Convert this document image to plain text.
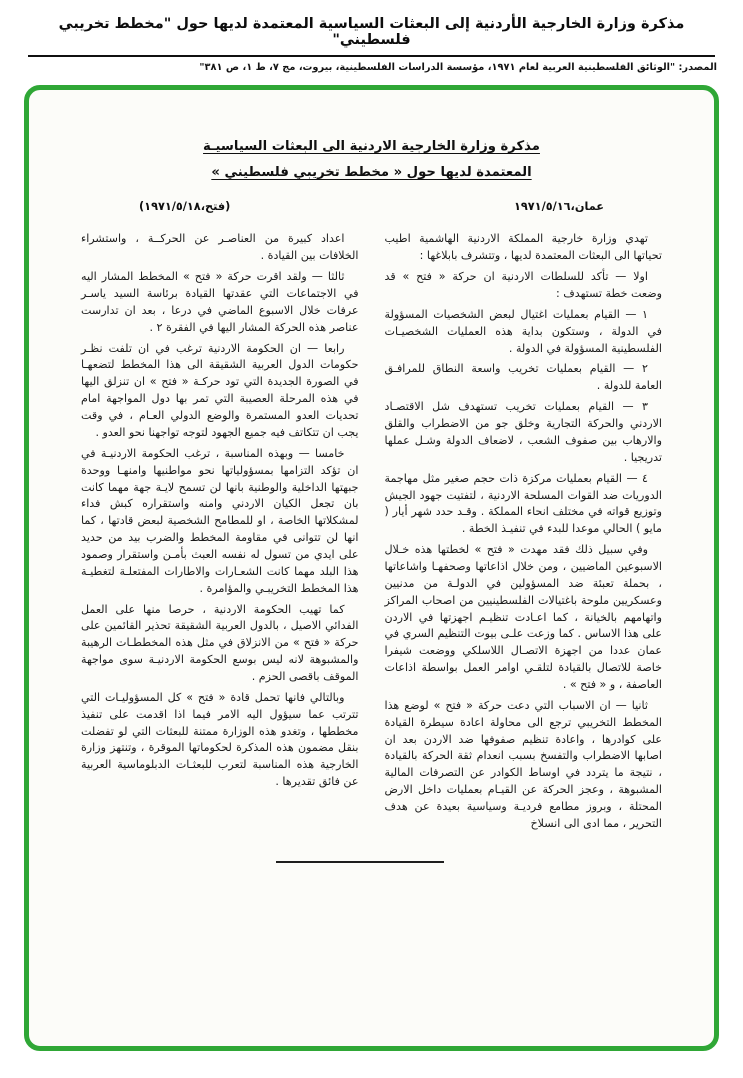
مذكرة وزارة الخارجية الأردنية إلى البعثات السياسية المعتمدة لديها حول "مخطط تخريبي فلسطيني"
المصدر: "الوثائق الفلسطينية العربية لعام ١٩٧١، مؤسسة الدراسات الفلسطينية، بيروت، مج ٧، ط ١، ص ٣٨١"
مذكرة وزارة الخارجية الاردنية الى البعثات السياسيـة
المعتمدة لديها حول « مخطط تخريبي فلسطيني »
عمان،١٩٧١/٥/١٦
(فتح،١٩٧١/٥/١٨)

تهدي وزارة خارجية المملكة الاردنية الهاشمية اطيب تحياتها الى البعثات المعتمدة لديها ، وتتشرف بابلاغها :

اولا — تأكد للسلطات الاردنية ان حركة « فتح » قد وضعت خطة تستهدف :

١ — القيام بعمليات اغتيال لبعض الشخصيات المسؤولة في الدولة ، وستكون بداية هذه العمليات الشخصيـات الفلسطينية المسؤولة في الدولة .

٢ — القيام بعمليات تخريب واسعة النطاق للمرافـق العامة للدولة .

٣ — القيام بعمليات تخريب تستهدف شل الاقتصـاد الاردني والحركة التجارية وخلق جو من الاضطراب والقلق والارهاب بين صفوف الشعب ، لاضعاف الدولة وشـل عملها تدريجيا .

٤ — القيام بعمليات مركزة ذات حجم صغير مثل مهاجمة الدوريات ضد القوات المسلحة الاردنية ، لتفتيت جهود الجيش وتوزيع قواته في مختلف انحاء المملكة . وقـد حدد شهر أيار ( مايو ) الحالي موعدا للبدء في تنفيـذ الخطة .

وفي سبيل ذلك فقد مهدت « فتح » لخطتها هذه خـلال الاسبوعين الماضيين ، ومن خلال اذاعاتها وصحفهـا واشاعاتها ، بحملة تعبئة ضد المسؤولين في الدولـة من مدنيين وعسكريين ملوحة باغتيالات الفلسطينيين من اصحاب المراكز واتهامهم بالخيانة ، كما اعـادت تنظيـم اجهزتها في الاردن على هذا الاساس . كما وزعت علـى بيوت التنظيم السري في عمان عددا من اجهزة الاتصـال اللاسلكي ووضعت شيفرا خاصة للاتصال بالقيادة لتلقـي اوامر العمل بواسطة اذاعات العاصفة ، و « فتح » .

ثانيا — ان الاسباب التي دعت حركة « فتح » لوضع هذا المخطط التخريبي ترجع الى محاولة اعادة سيطرة القيادة على كوادرها ، واعادة تنظيم صفوفها ضد الاردن بعد ان اصابها الاضطراب والتفسخ بسبب انعدام ثقة الحركة بالقيادة ، نتيجة ما يتردد في اوساط الكوادر عن التصرفات المالية المشبوهة ، وعجز الحركة عن القيـام بعمليات داخل الارض المحتلة ، وبروز مطامع فرديـة وسياسية بعيدة عن هدف التحرير ، مما ادى الى انسلاخ

اعداد كبيرة من العناصـر عن الحركــة ، واستشراء الخلافات بين القيادة .

ثالثا — ولقد اقرت حركة « فتح » المخطط المشار اليه في الاجتماعات التي عقدتها القيادة برئاسة السيد ياسـر عرفات خلال الاسبوع الماضي في درعا ، بعد ان تدارست عناصر هذه الحركة المشار اليها في الفقرة ٢ .

رابعا — ان الحكومة الاردنية ترغب في ان تلفت نظـر حكومات الدول العربية الشقيقة الى هذا المخطط لتضعهـا في الصورة الجديدة التي تود حركـة « فتح » ان تنزلق اليها في هذه المرحلة العصيبة التي تمر بها دول المواجهة امام تحديات العدو المستمرة والوضع الدولي العـام ، في وقت يجب ان تتكاتف فيه جميع الجهود لتوجه تواجهنا نحو العدو .

خامسا — وبهذه المناسبة ، ترغب الحكومة الاردنيـة في ان تؤكد التزامها بمسؤولياتها نحو مواطنيها وامنهـا ووحدة جبهتها الداخلية والوطنية بانها لن تسمح لايـة جهة مهما كانت بان تجعل الكيان الاردني وامنه واستقراره كبش فداء لمشكلاتها الخاصة ، او للمطامح الشخصية لبعض قادتها ، كما انها لن تتوانى في مقاومة المخطط والضرب بيد من حديد على ايدي من تسول له نفسه العبث بأمـن واستقرار وصمود هذا البلد مهما كانت الشعـارات والاطارات المفتعلـة لتغطيـة هذا المخطط التخريبـي والمؤامرة .

كما تهيب الحكومة الاردنية ، حرصا منها على العمل الفدائي الاصيل ، بالدول العربية الشقيقة تحذير القائمين على حركة « فتح » من الانزلاق في مثل هذه المخططـات الرهيبة والمشبوهة لانه ليس بوسع الحكومة الاردنيـة سوى مواجهة الموقف باقصى الحزم .

وبالتالي فانها تحمل قادة « فتح » كل المسؤوليـات التي تترتب عما سيؤول اليه الامر فيما اذا اقدمت على تنفيذ مخططها ، وتغدو هذه الوزارة ممتنة للبعثات التي لو تفضلت بنقل مضمون هذه المذكرة لحكوماتها الموقرة ، وتنتهز وزارة الخارجية هذه المناسبة لتعرب للبعثـات الدبلوماسية العربية عن فائق تقديرها .
